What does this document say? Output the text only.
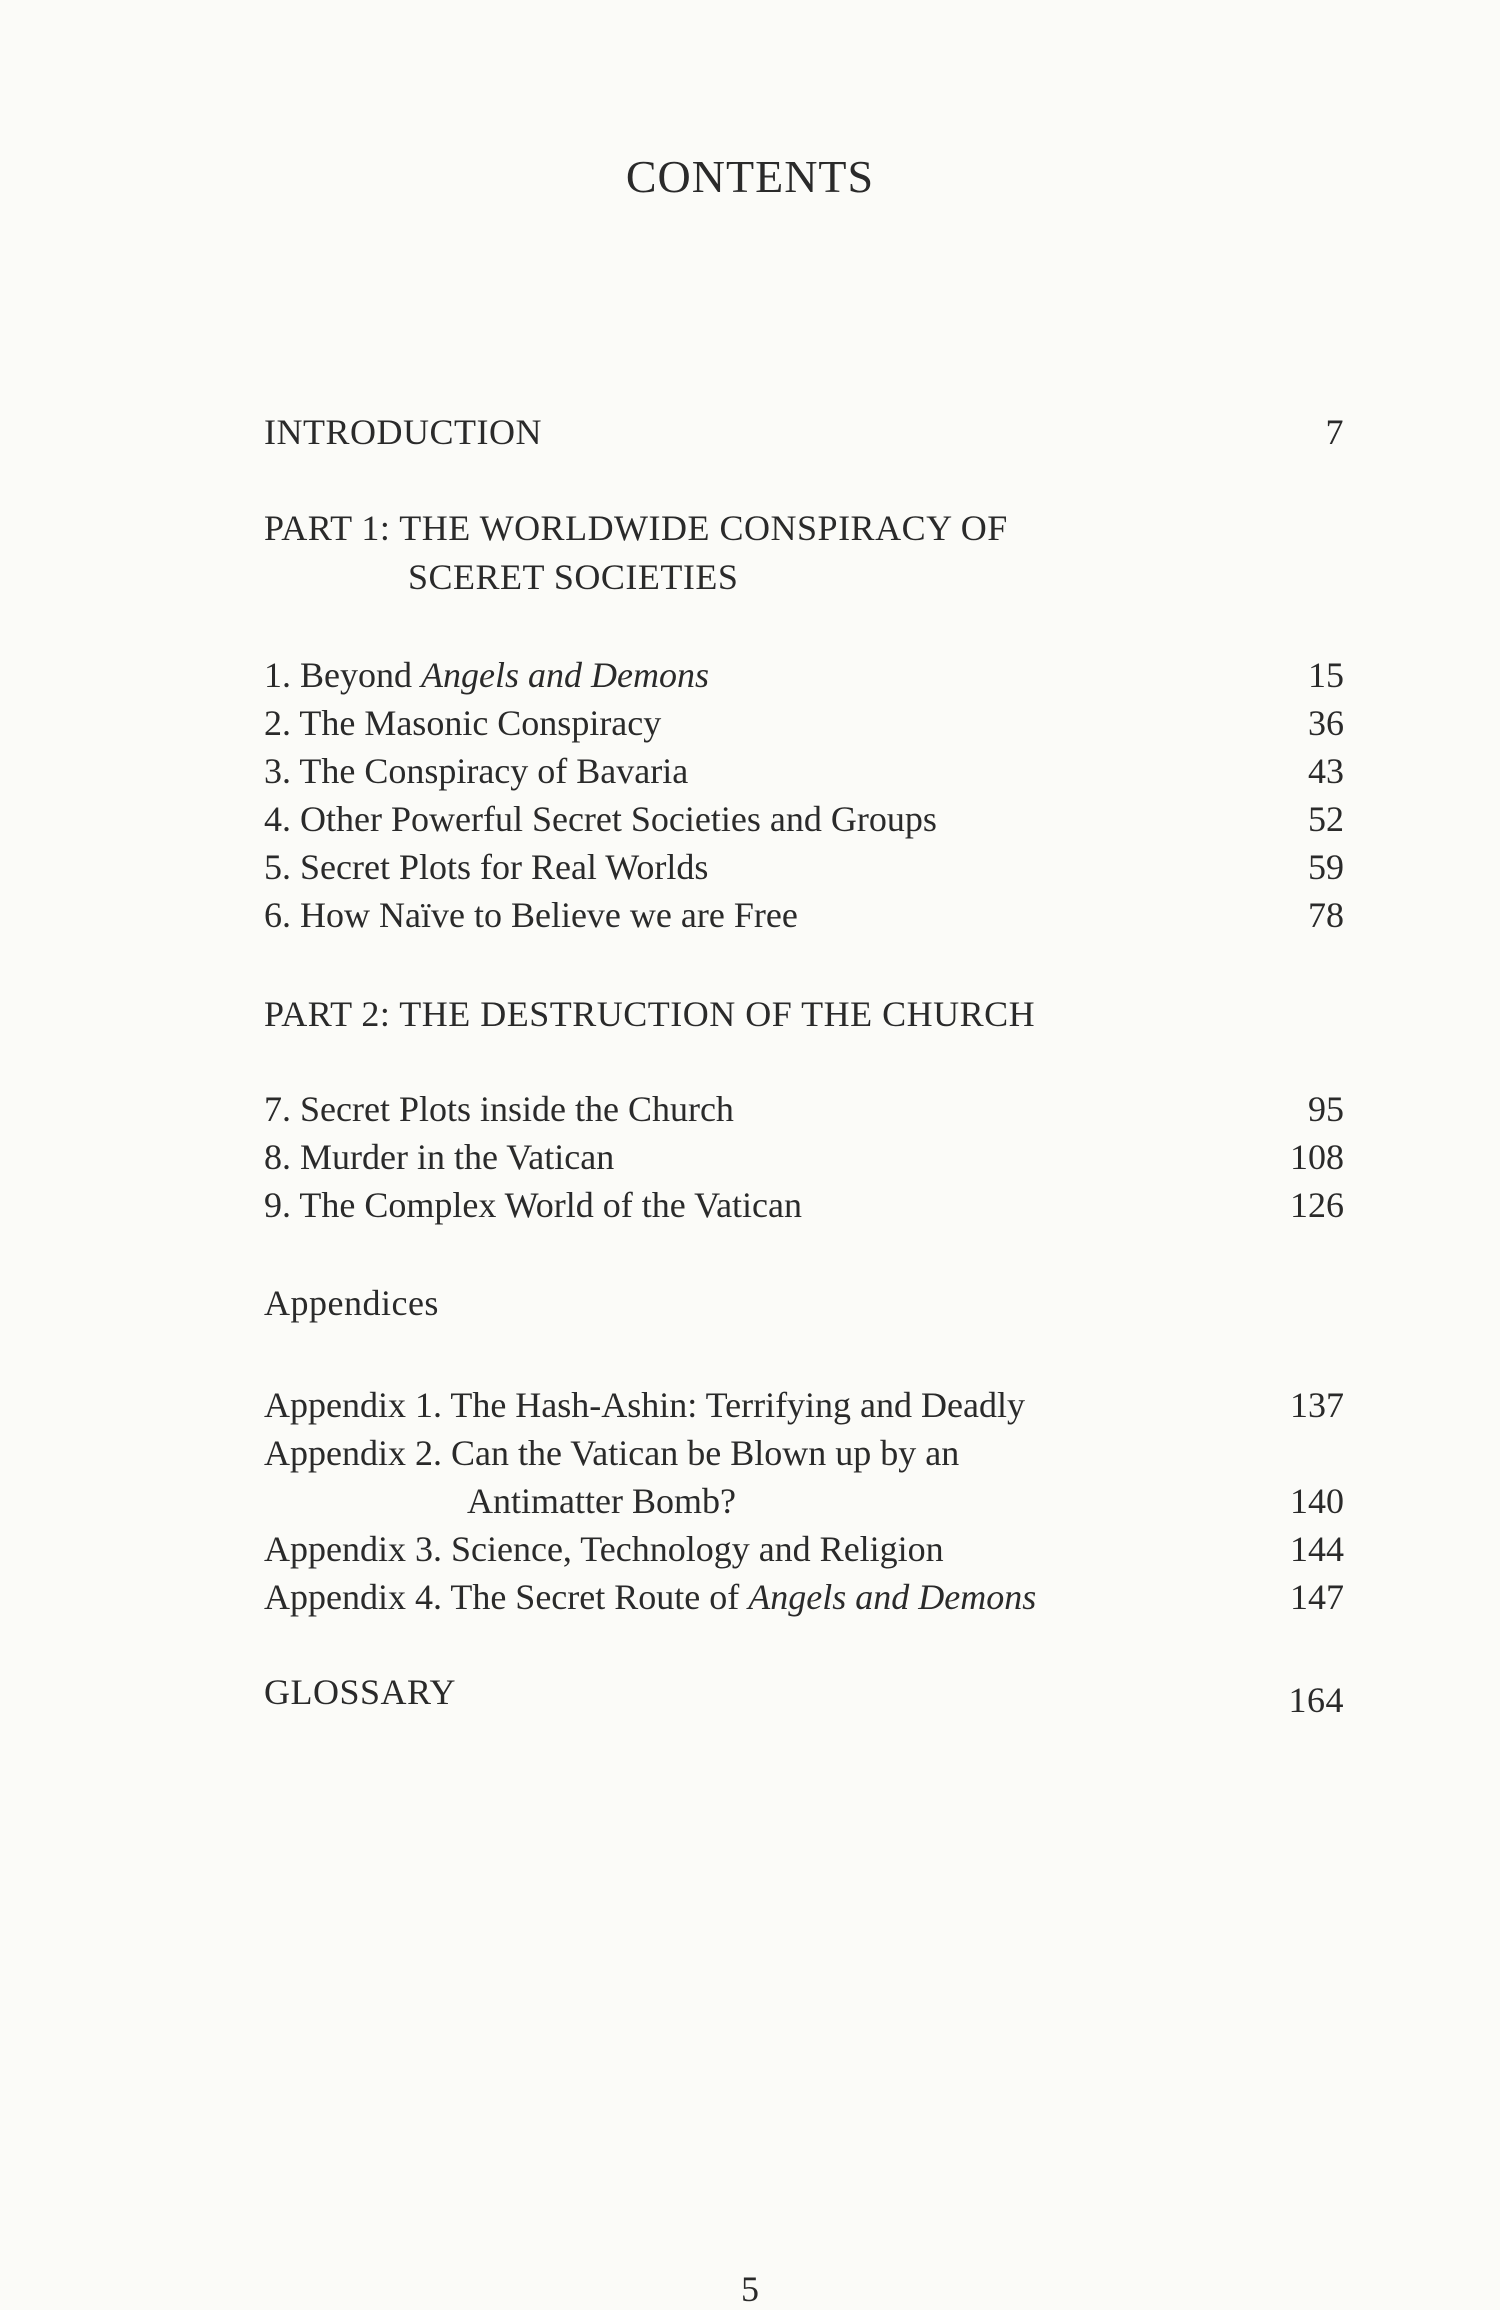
CONTENTS
INTRODUCTION	7
PART 1: THE WORLDWIDE CONSPIRACY OF
SCERET SOCIETIES
1. Beyond Angels and Demons	15
2. The Masonic Conspiracy	36
3. The Conspiracy of Bavaria	43
4. Other Powerful Secret Societies and Groups	52
5. Secret Plots for Real Worlds	59
6. How Naïve to Believe we are Free	78
PART 2: THE DESTRUCTION OF THE CHURCH
7. Secret Plots inside the Church	95
8. Murder in the Vatican	108
9. The Complex World of the Vatican	126
Appendices
Appendix 1. The Hash-Ashin: Terrifying and Deadly	137
Appendix 2. Can the Vatican be Blown up by an
Antimatter Bomb?	140
Appendix 3. Science, Technology and Religion	144
Appendix 4. The Secret Route of Angels and Demons	147
GLOSSARY	164
5
